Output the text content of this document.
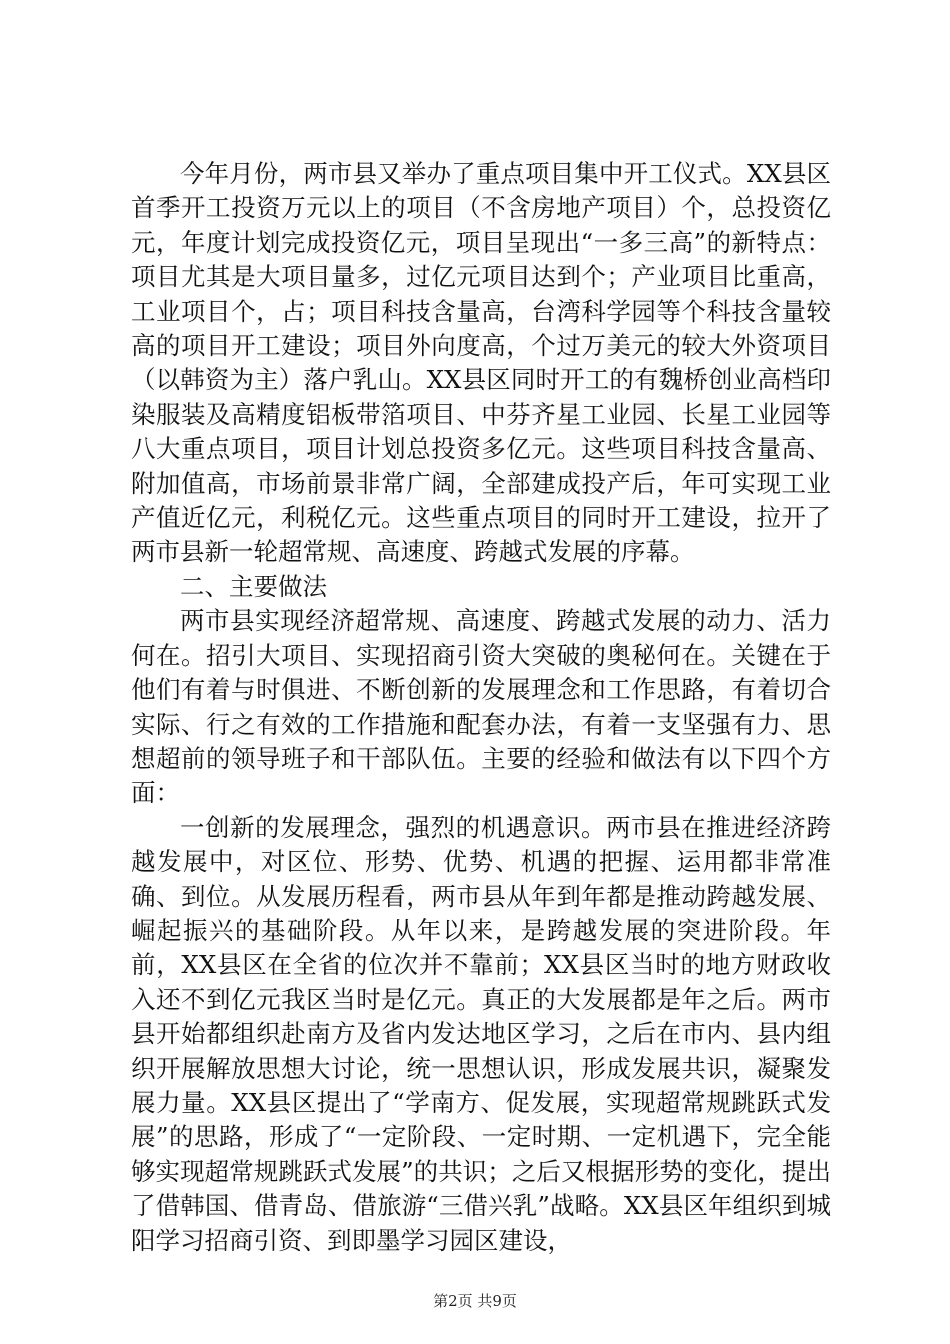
今年月份，两市县又举办了重点项目集中开工仪式。XX县区首季开工投资万元以上的项目（不含房地产项目）个，总投资亿元，年度计划完成投资亿元，项目呈现出“一多三高”的新特点：项目尤其是大项目量多，过亿元项目达到个；产业项目比重高，工业项目个，占；项目科技含量高，台湾科学园等个科技含量较高的项目开工建设；项目外向度高，个过万美元的较大外资项目（以韩资为主）落户乳山。XX县区同时开工的有魏桥创业高档印染服装及高精度铝板带箔项目、中芬齐星工业园、长星工业园等八大重点项目，项目计划总投资多亿元。这些项目科技含量高、附加值高，市场前景非常广阔，全部建成投产后，年可实现工业产值近亿元，利税亿元。这些重点项目的同时开工建设，拉开了两市县新一轮超常规、高速度、跨越式发展的序幕。

二、主要做法

两市县实现经济超常规、高速度、跨越式发展的动力、活力何在。招引大项目、实现招商引资大突破的奥秘何在。关键在于他们有着与时俱进、不断创新的发展理念和工作思路，有着切合实际、行之有效的工作措施和配套办法，有着一支坚强有力、思想超前的领导班子和干部队伍。主要的经验和做法有以下四个方面：

一创新的发展理念，强烈的机遇意识。两市县在推进经济跨越发展中，对区位、形势、优势、机遇的把握、运用都非常准确、到位。从发展历程看，两市县从年到年都是推动跨越发展、崛起振兴的基础阶段。从年以来，是跨越发展的突进阶段。年前，XX县区在全省的位次并不靠前；XX县区当时的地方财政收入还不到亿元我区当时是亿元。真正的大发展都是年之后。两市县开始都组织赴南方及省内发达地区学习，之后在市内、县内组织开展解放思想大讨论，统一思想认识，形成发展共识，凝聚发展力量。XX县区提出了“学南方、促发展，实现超常规跳跃式发展”的思路，形成了“一定阶段、一定时期、一定机遇下，完全能够实现超常规跳跃式发展”的共识；之后又根据形势的变化，提出了借韩国、借青岛、借旅游“三借兴乳”战略。XX县区年组织到城阳学习招商引资、到即墨学习园区建设，

第2页 共9页
